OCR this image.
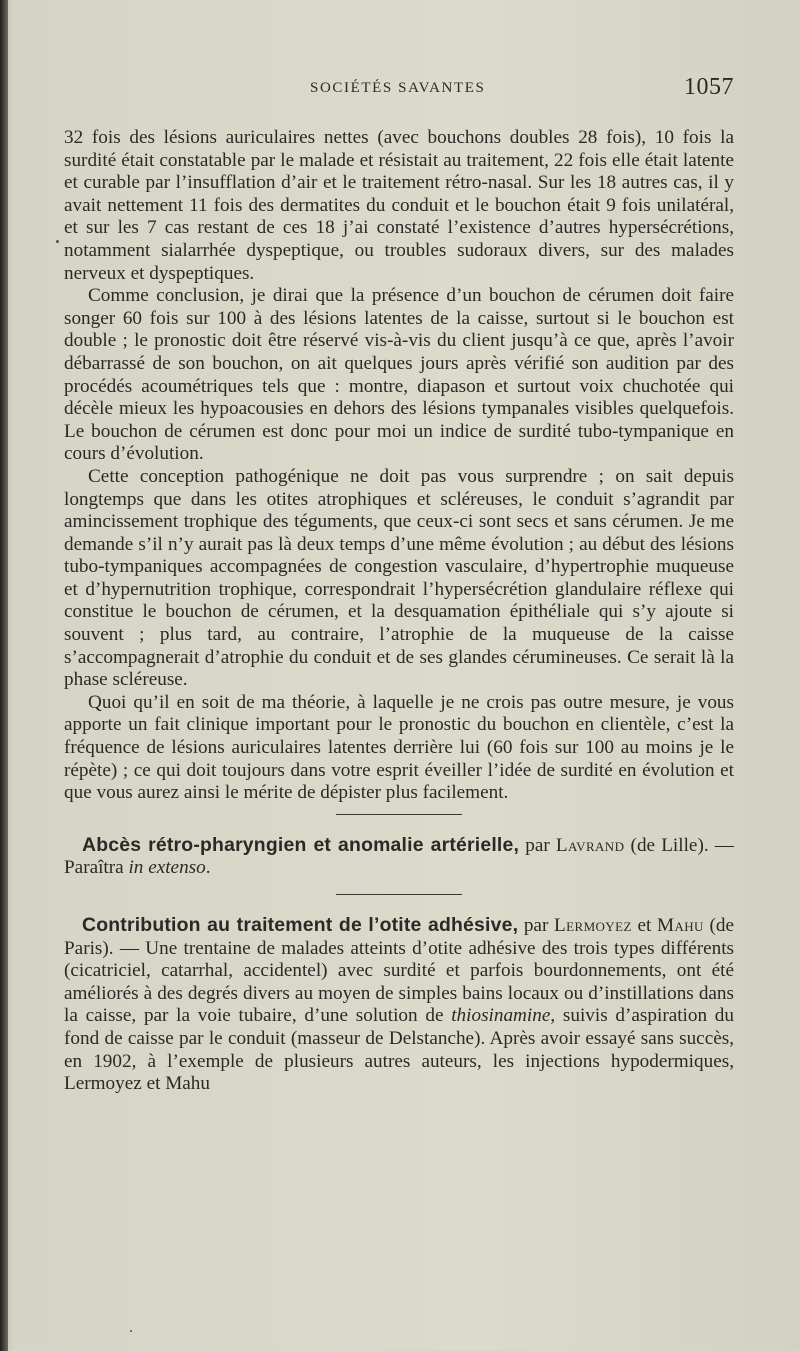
SOCIÉTÉS SAVANTES	1057

32 fois des lésions auriculaires nettes (avec bouchons doubles 28 fois), 10 fois la surdité était constatable par le malade et résistait au traitement, 22 fois elle était latente et curable par l’insufflation d’air et le traitement rétro-nasal. Sur les 18 autres cas, il y avait nettement 11 fois des dermatites du conduit et le bouchon était 9 fois unilatéral, et sur les 7 cas restant de ces 18 j’ai constaté l’existence d’autres hypersécrétions, notamment sialarrhée dyspeptique, ou troubles sudoraux divers, sur des malades nerveux et dyspeptiques.

Comme conclusion, je dirai que la présence d’un bouchon de cérumen doit faire songer 60 fois sur 100 à des lésions latentes de la caisse, surtout si le bouchon est double ; le pronostic doit être réservé vis-à-vis du client jusqu’à ce que, après l’avoir débarrassé de son bouchon, on ait quelques jours après vérifié son audition par des procédés acoumétriques tels que : montre, diapason et surtout voix chuchotée qui décèle mieux les hypoacousies en dehors des lésions tympanales visibles quelquefois. Le bouchon de cérumen est donc pour moi un indice de surdité tubo-tympanique en cours d’évolution.

Cette conception pathogénique ne doit pas vous surprendre ; on sait depuis longtemps que dans les otites atrophiques et scléreuses, le conduit s’agrandit par amincissement trophique des téguments, que ceux-ci sont secs et sans cérumen. Je me demande s’il n’y aurait pas là deux temps d’une même évolution ; au début des lésions tubo-tympaniques accompagnées de congestion vasculaire, d’hypertrophie muqueuse et d’hypernutrition trophique, correspondrait l’hypersécrétion glandulaire réflexe qui constitue le bouchon de cérumen, et la desquamation épithéliale qui s’y ajoute si souvent ; plus tard, au contraire, l’atrophie de la muqueuse de la caisse s’accompagnerait d’atrophie du conduit et de ses glandes cérumineuses. Ce serait là la phase scléreuse.

Quoi qu’il en soit de ma théorie, à laquelle je ne crois pas outre mesure, je vous apporte un fait clinique important pour le pronostic du bouchon en clientèle, c’est la fréquence de lésions auriculaires latentes derrière lui (60 fois sur 100 au moins je le répète) ; ce qui doit toujours dans votre esprit éveiller l’idée de surdité en évolution et que vous aurez ainsi le mérite de dépister plus facilement.

Abcès rétro-pharyngien et anomalie artérielle, par Lavrand (de Lille). — Paraîtra in extenso.

Contribution au traitement de l’otite adhésive, par Lermoyez et Mahu (de Paris). — Une trentaine de malades atteints d’otite adhésive des trois types différents (cicatriciel, catarrhal, accidentel) avec surdité et parfois bourdonnements, ont été améliorés à des degrés divers au moyen de simples bains locaux ou d’instillations dans la caisse, par la voie tubaire, d’une solution de thiosinamine, suivis d’aspiration du fond de caisse par le conduit (masseur de Delstanche). Après avoir essayé sans succès, en 1902, à l’exemple de plusieurs autres auteurs, les injections hypodermiques, Lermoyez et Mahu
